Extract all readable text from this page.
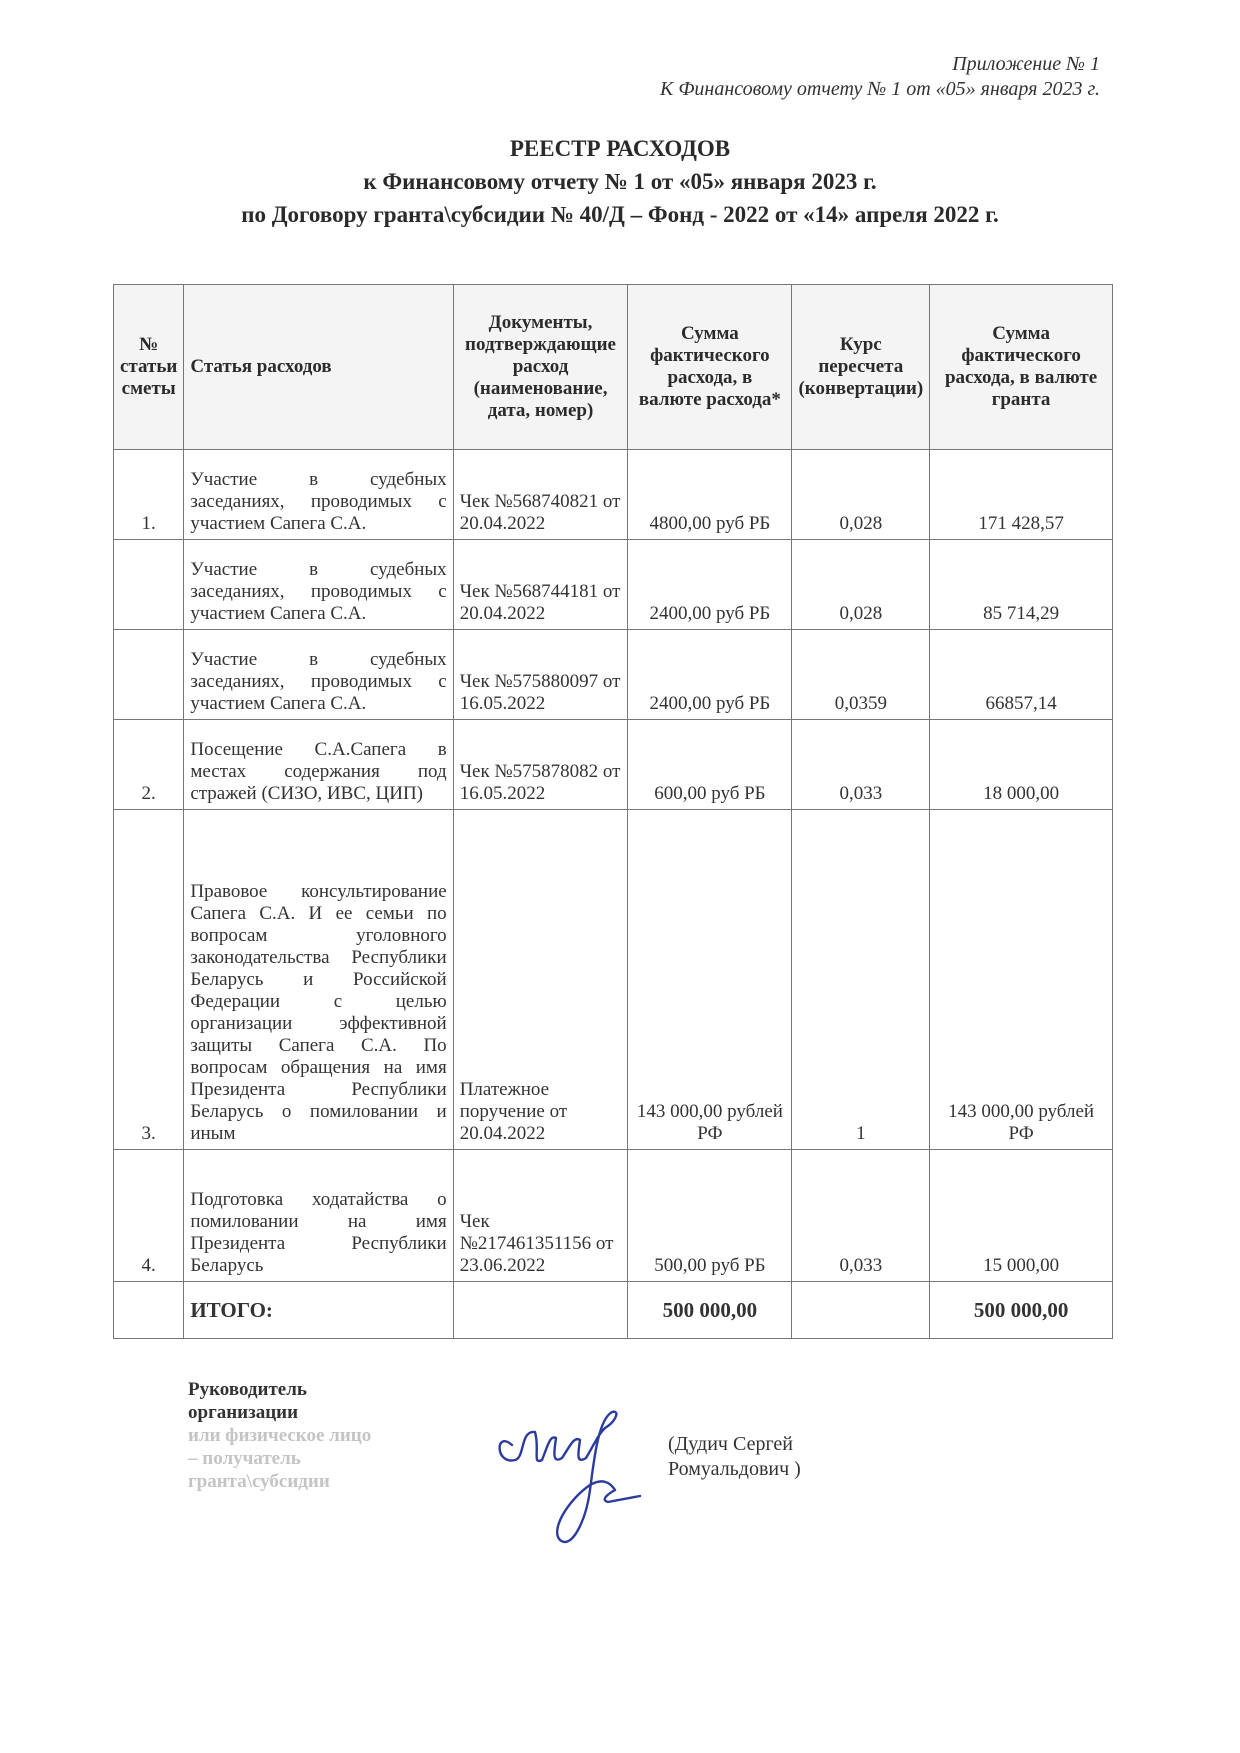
Приложение № 1
К Финансовому отчету № 1 от «05» января 2023 г.
РЕЕСТР РАСХОДОВ
к Финансовому отчету № 1 от «05» января 2023 г.
по Договору гранта\субсидии № 40/Д – Фонд - 2022 от «14» апреля 2022 г.
№ статьи сметы	Статья расходов	Документы, подтверждающие расход (наименование, дата, номер)	Сумма фактического расхода, в валюте расхода*	Курс пересчета (конвертации)	Сумма фактического расхода, в валюте гранта
1.	Участие в судебных заседаниях, проводимых с участием Сапега С.А.	Чек №568740821 от 20.04.2022	4800,00 руб РБ	0,028	171 428,57
	Участие в судебных заседаниях, проводимых с участием Сапега С.А.	Чек №568744181 от 20.04.2022	2400,00 руб РБ	0,028	85 714,29
	Участие в судебных заседаниях, проводимых с участием Сапега С.А.	Чек №575880097 от 16.05.2022	2400,00 руб РБ	0,0359	66857,14
2.	Посещение С.А.Сапега в местах содержания под стражей (СИЗО, ИВС, ЦИП)	Чек №575878082 от 16.05.2022	600,00 руб РБ	0,033	18 000,00
3.	Правовое консультирование Сапега С.А. И ее семьи по вопросам уголовного законодательства Республики Беларусь и Российской Федерации с целью организации эффективной защиты Сапега С.А. По вопросам обращения на имя Президента Республики Беларусь о помиловании и иным	Платежное поручение от 20.04.2022	143 000,00 рублей РФ	1	143 000,00 рублей РФ
4.	Подготовка ходатайства о помиловании на имя Президента Республики Беларусь	Чек №217461351156 от 23.06.2022	500,00 руб РБ	0,033	15 000,00
	ИТОГО:		500 000,00		500 000,00
Руководитель
организации
или физическое лицо – получатель гранта\субсидии
(Дудич Сергей Ромуальдович )
